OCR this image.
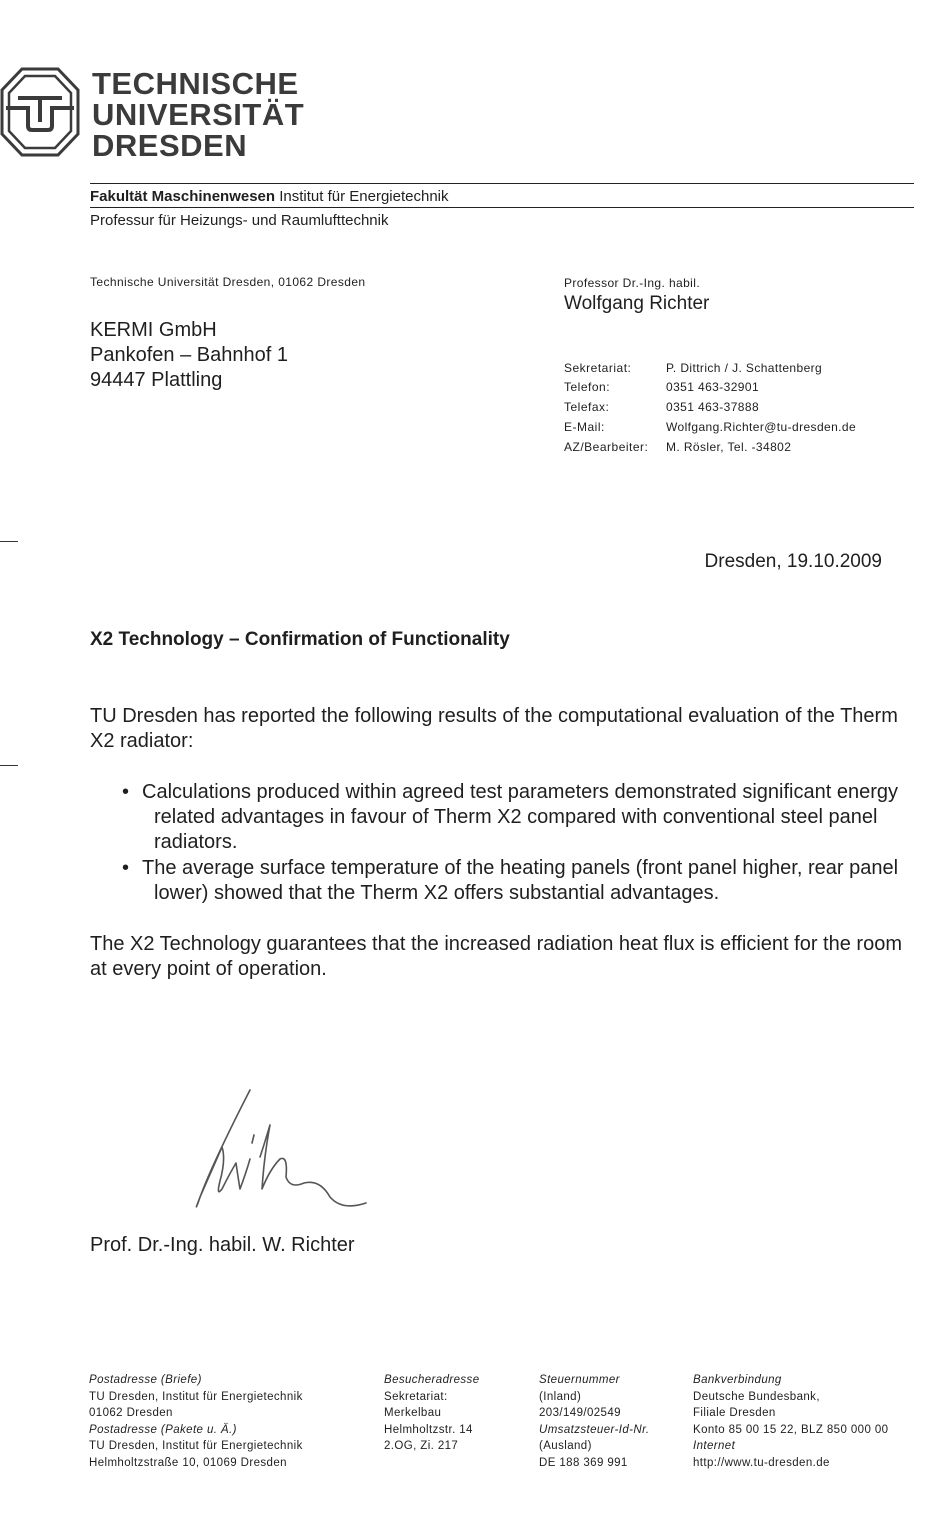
TECHNISCHE
UNIVERSITÄT
DRESDEN
Fakultät Maschinenwesen Institut für Energietechnik
Professur für Heizungs- und Raumlufttechnik
Technische Universität Dresden, 01062 Dresden
KERMI GmbH
Pankofen – Bahnhof 1
94447 Plattling
Professor Dr.-Ing. habil.
Wolfgang Richter
Sekretariat:	P. Dittrich / J. Schattenberg
Telefon:	0351 463-32901
Telefax:	0351 463-37888
E-Mail:	Wolfgang.Richter@tu-dresden.de
AZ/Bearbeiter: M. Rösler, Tel. -34802
Dresden, 19.10.2009
X2 Technology – Confirmation of Functionality
TU Dresden has reported the following results of the computational evaluation of the Therm X2 radiator:
• Calculations produced within agreed test parameters demonstrated significant energy related advantages in favour of Therm X2 compared with conventional steel panel radiators.
• The average surface temperature of the heating panels (front panel higher, rear panel lower) showed that the Therm X2 offers substantial advantages.
The X2 Technology guarantees that the increased radiation heat flux is efficient for the room at every point of operation.
Prof. Dr.-Ing. habil. W. Richter
Postadresse (Briefe)
TU Dresden, Institut für Energietechnik
01062 Dresden
Postadresse (Pakete u. Ä.)
TU Dresden, Institut für Energietechnik
Helmholtzstraße 10, 01069 Dresden
Besucheradresse
Sekretariat:
Merkelbau
Helmholtzstr. 14
2.OG, Zi. 217
Steuernummer
(Inland)
203/149/02549
Umsatzsteuer-Id-Nr.
(Ausland)
DE 188 369 991
Bankverbindung
Deutsche Bundesbank,
Filiale Dresden
Konto 85 00 15 22, BLZ 850 000 00
Internet
http://www.tu-dresden.de
